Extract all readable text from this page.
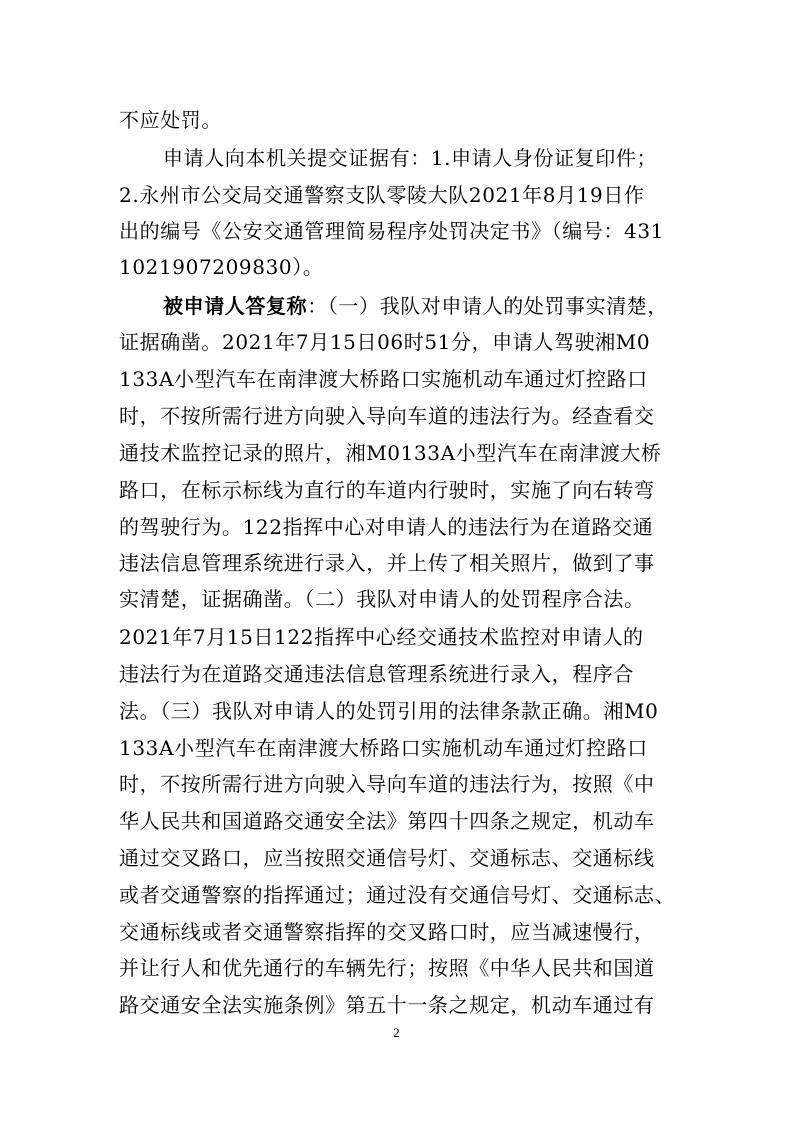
不应处罚。
申请人向本机关提交证据有：1.申请人身份证复印件；
2.永州市公交局交通警察支队零陵大队2021年8月19日作
出的编号《公安交通管理简易程序处罚决定书》（编号：431
1021907209830）。
被申请人答复称 ：（一）我队对申请人的处罚事实清楚，
证据确凿。2021年7月15日06时51分，申请人驾驶湘M0
133A小型汽车在南津渡大桥路口实施机动车通过灯控路口
时，不按所需行进方向驶入导向车道的违法行为。经查看交
通技术监控记录的照片，湘M0133A小型汽车在南津渡大桥
路口，在标示标线为直行的车道内行驶时，实施了向右转弯
的驾驶行为。122指挥中心对申请人的违法行为在道路交通
违法信息管理系统进行录入，并上传了相关照片，做到了事
实清楚，证据确凿。（二）我队对申请人的处罚程序合法。
2021年7月15日122指挥中心经交通技术监控对申请人的
违法行为在道路交通违法信息管理系统进行录入，程序合
法。（三）我队对申请人的处罚引用的法律条款正确。湘M0
133A小型汽车在南津渡大桥路口实施机动车通过灯控路口
时，不按所需行进方向驶入导向车道的违法行为，按照《中
华人民共和国道路交通安全法》第四十四条之规定，机动车
通过交叉路口，应当按照交通信号灯、交通标志、交通标线
或者交通警察的指挥通过；通过没有交通信号灯、交通标志、
交通标线或者交通警察指挥的交叉路口时，应当减速慢行，
并让行人和优先通行的车辆先行；按照《中华人民共和国道
路交通安全法实施条例》第五十一条之规定，机动车通过有
2
